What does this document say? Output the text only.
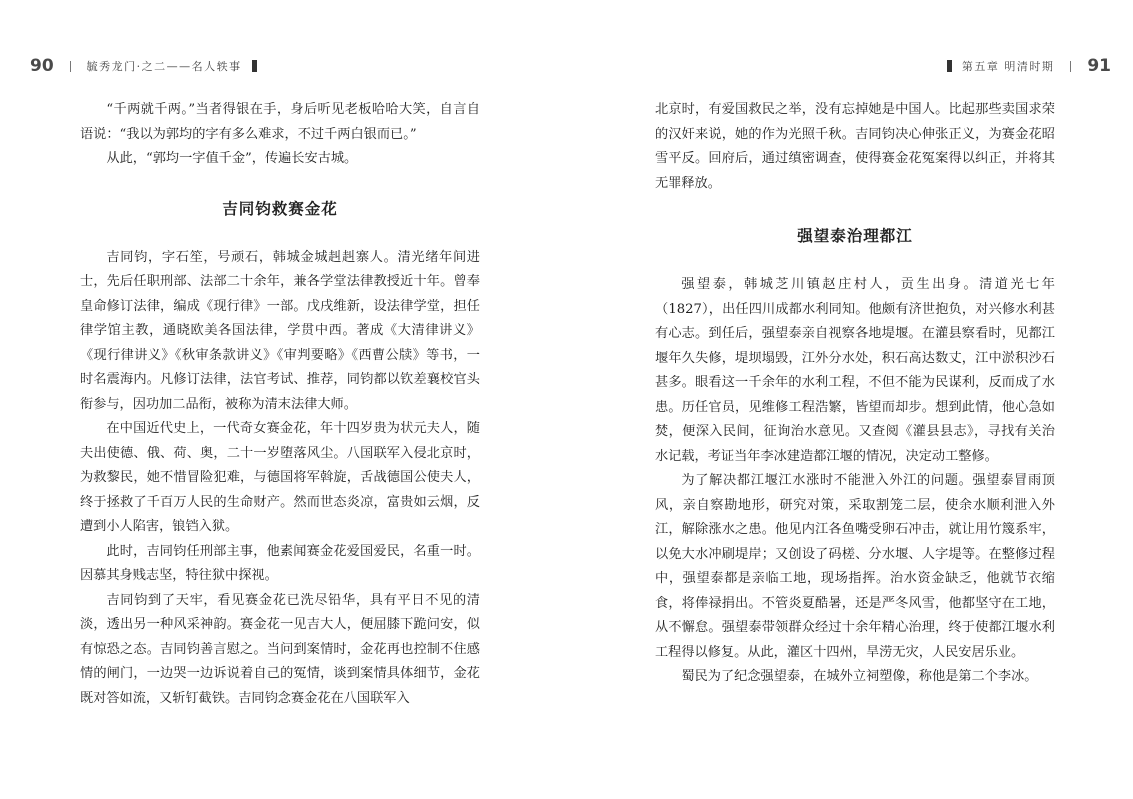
90	毓秀龙门·之二——名人轶事

“千两就千两。”当者得银在手，身后听见老板哈哈大笑，自言自语说：“我以为郭均的字有多么难求，不过千两白银而已。”

从此，“郭均一字值千金”，传遍长安古城。

吉同钧救赛金花

吉同钧，字石笙，号顽石，韩城金城赳赳寨人。清光绪年间进士，先后任职刑部、法部二十余年，兼各学堂法律教授近十年。曾奉皇命修订法律，编成《现行律》一部。戊戌维新，设法律学堂，担任律学馆主教，通晓欧美各国法律，学贯中西。著成《大清律讲义》《现行律讲义》《秋审条款讲义》《审判要略》《西曹公牍》等书，一时名震海内。凡修订法律，法官考试、推荐，同钧都以钦差襄校官头衔参与，因功加二品衔，被称为清末法律大师。

在中国近代史上，一代奇女赛金花，年十四岁贵为状元夫人，随夫出使德、俄、荷、奥，二十一岁堕落风尘。八国联军入侵北京时，为救黎民，她不惜冒险犯难，与德国将军斡旋，舌战德国公使夫人，终于拯救了千百万人民的生命财产。然而世态炎凉，富贵如云烟，反遭到小人陷害，锒铛入狱。

此时，吉同钧任刑部主事，他素闻赛金花爱国爱民，名重一时。因慕其身贱志坚，特往狱中探视。

吉同钧到了天牢，看见赛金花已洗尽铅华，具有平日不见的清淡，透出另一种风采神韵。赛金花一见吉大人，便屈膝下跪问安，似有惊恐之态。吉同钧善言慰之。当问到案情时，金花再也控制不住感情的闸门，一边哭一边诉说着自己的冤情，谈到案情具体细节，金花既对答如流，又斩钉截铁。吉同钧念赛金花在八国联军入

第五章 明清时期 91

北京时，有爱国救民之举，没有忘掉她是中国人。比起那些卖国求荣的汉奸来说，她的作为光照千秋。吉同钧决心伸张正义，为赛金花昭雪平反。回府后，通过缜密调查，使得赛金花冤案得以纠正，并将其无罪释放。

强望泰治理都江

强望泰，韩城芝川镇赵庄村人，贡生出身。清道光七年（1827），出任四川成都水利同知。他颇有济世抱负，对兴修水利甚有心志。到任后，强望泰亲自视察各地堤堰。在灌县察看时，见都江堰年久失修，堤坝塌毁，江外分水处，积石高达数丈，江中淤积沙石甚多。眼看这一千余年的水利工程，不但不能为民谋利，反而成了水患。历任官员，见维修工程浩繁，皆望而却步。想到此情，他心急如焚，便深入民间，征询治水意见。又查阅《灌县县志》，寻找有关治水记载，考证当年李冰建造都江堰的情况，决定动工整修。

为了解决都江堰江水涨时不能泄入外江的问题。强望泰冒雨顶风，亲自察勘地形，研究对策，采取割笼二层，使余水顺利泄入外江，解除涨水之患。他见内江各鱼嘴受卵石冲击，就让用竹篾系牢，以免大水冲刷堤岸；又创设了码槎、分水堰、人字堤等。在整修过程中，强望泰都是亲临工地，现场指挥。治水资金缺乏，他就节衣缩食，将俸禄捐出。不管炎夏酷暑，还是严冬风雪，他都坚守在工地，从不懈怠。强望泰带领群众经过十余年精心治理，终于使都江堰水利工程得以修复。从此，灌区十四州，旱涝无灾，人民安居乐业。

蜀民为了纪念强望泰，在城外立祠塑像，称他是第二个李冰。
